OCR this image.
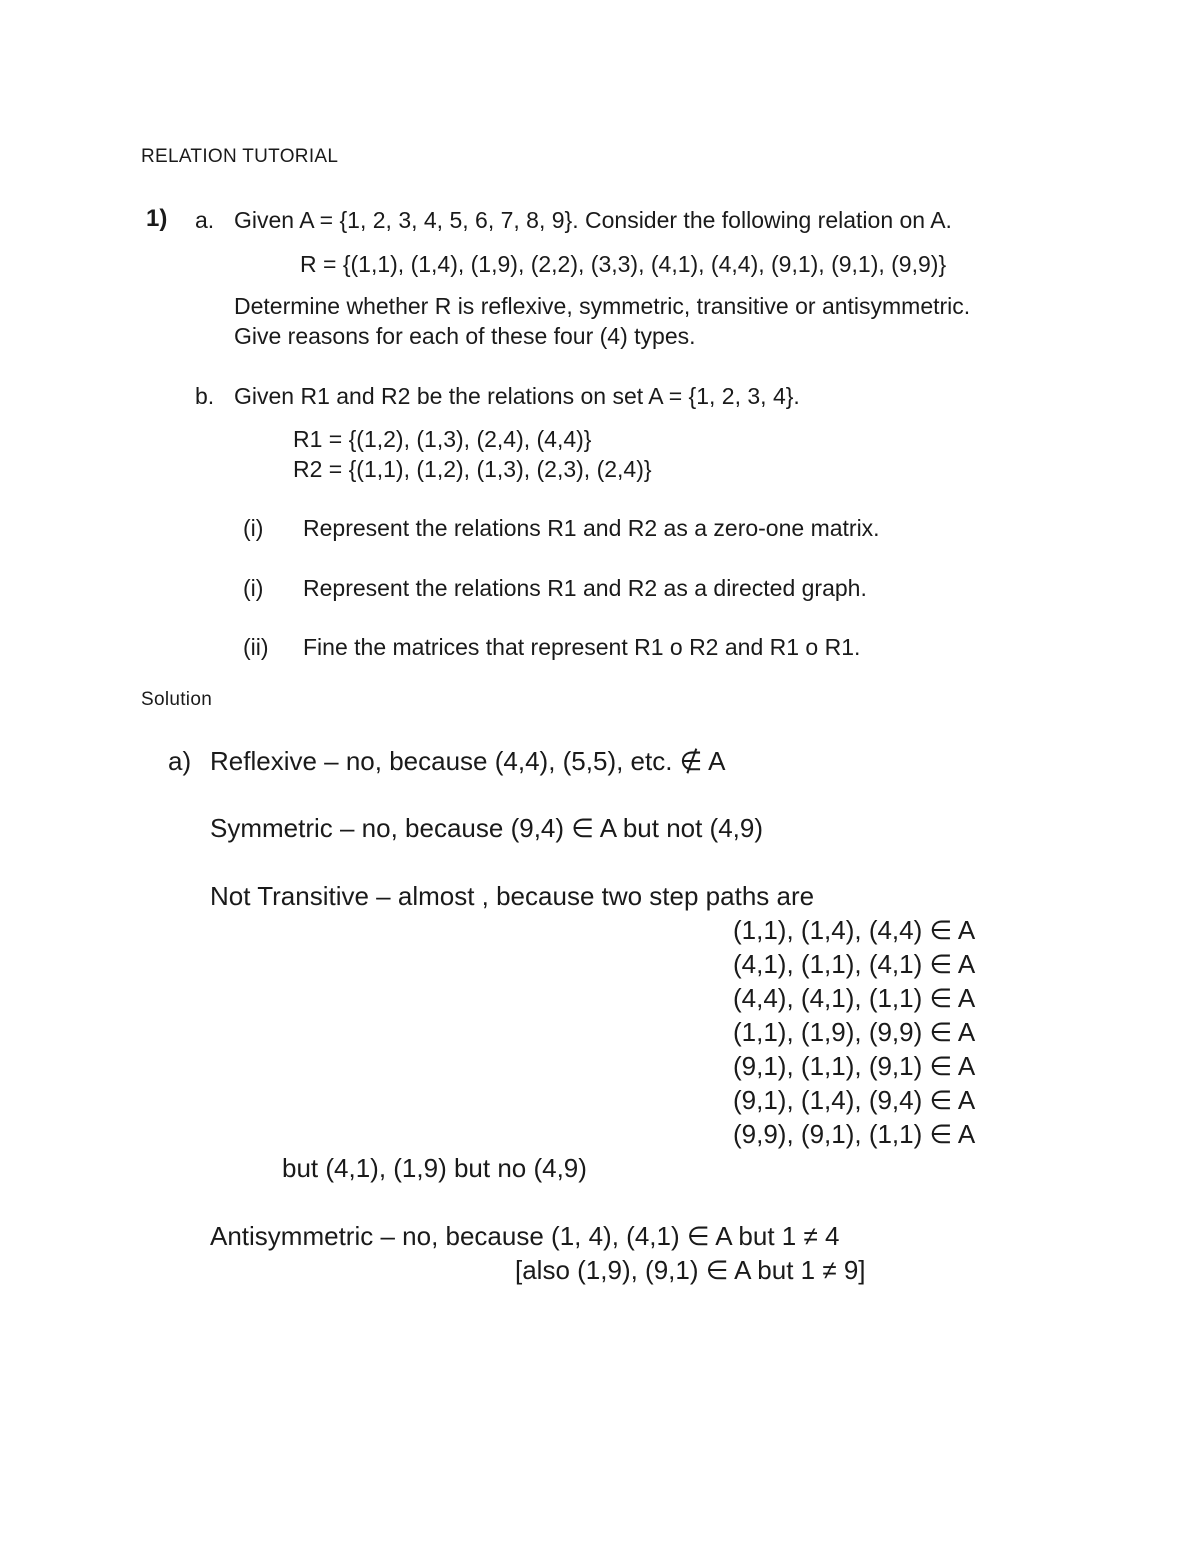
RELATION TUTORIAL
1) a. Given A = {1, 2, 3, 4, 5, 6, 7, 8, 9}. Consider the following relation on A.
R = {(1,1), (1,4), (1,9), (2,2), (3,3), (4,1), (4,4), (9,1), (9,1), (9,9)}
Determine whether R is reflexive, symmetric, transitive or antisymmetric.
Give reasons for each of these four (4) types.
b. Given R1 and R2 be the relations on set A = {1, 2, 3, 4}.
R1 = {(1,2), (1,3), (2,4), (4,4)}
R2 = {(1,1), (1,2), (1,3), (2,3), (2,4)}
(i) Represent the relations R1 and R2 as a zero-one matrix.
(i) Represent the relations R1 and R2 as a directed graph.
(ii) Fine the matrices that represent R1 o R2 and R1 o R1.
Solution
a) Reflexive – no, because (4,4), (5,5), etc. ∉ A
Symmetric – no, because (9,4) ∈ A but not (4,9)
Not Transitive – almost , because two step paths are
(1,1), (1,4), (4,4) ∈ A
(4,1), (1,1), (4,1) ∈ A
(4,4), (4,1), (1,1) ∈ A
(1,1), (1,9), (9,9) ∈ A
(9,1), (1,1), (9,1) ∈ A
(9,1), (1,4), (9,4) ∈ A
(9,9), (9,1), (1,1) ∈ A
but (4,1), (1,9) but no (4,9)
Antisymmetric – no, because (1, 4), (4,1) ∈ A but 1 ≠ 4
[also (1,9), (9,1) ∈ A but 1 ≠ 9]
